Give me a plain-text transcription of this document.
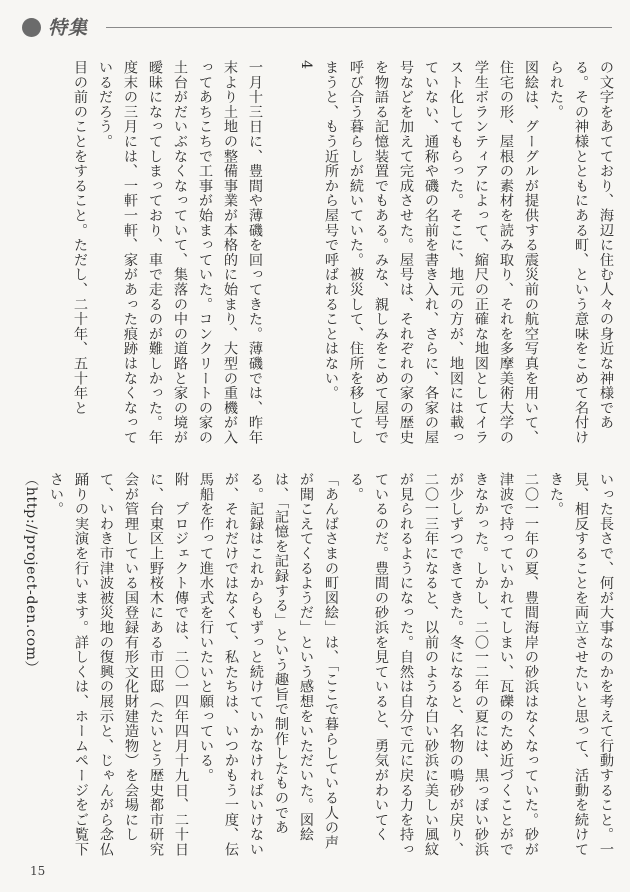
特集

の文字をあてており、海辺に住む人々の身近な神様である。その神様とともにある町、という意味をこめて名付けられた。

図絵は、グーグルが提供する震災前の航空写真を用いて、住宅の形、屋根の素材を読み取り、それを多摩美術大学の学生ボランティアによって、縮尺の正確な地図としてイラスト化してもらった。そこに、地元の方が、地図には載っていない、通称や磯の名前を書き入れ、さらに、各家の屋号などを加えて完成させた。屋号は、それぞれの家の歴史を物語る記憶装置でもある。みな、親しみをこめて屋号で呼び合う暮らしが続いていた。被災して、住所を移してしまうと、もう近所から屋号で呼ばれることはない。

4

一月十三日に、豊間や薄磯を回ってきた。薄磯では、昨年末より土地の整備事業が本格的に始まり、大型の重機が入ってあちこちで工事が始まっていた。コンクリートの家の土台がだいぶなくなっていて、集落の中の道路と家の境が曖昧になってしまっており、車で走るのが難しかった。年度末の三月には、一軒一軒、家があった痕跡はなくなっているだろう。

目の前のことをすること。ただし、二十年、五十年と

いった長さで、何が大事なのかを考えて行動すること。一見、相反することを両立させたいと思って、活動を続けてきた。

二〇一一年の夏、豊間海岸の砂浜はなくなっていた。砂が津波で持っていかれてしまい、瓦礫のため近づくことができなかった。しかし、二〇一二年の夏には、黒っぽい砂浜が少しずつできてきた。冬になると、名物の鳴砂が戻り、二〇一三年になると、以前のような白い砂浜に美しい風紋が見られるようになった。自然は自分で元に戻る力を持っているのだ。豊間の砂浜を見ていると、勇気がわいてくる。

「あんばさまの町図絵」は、「ここで暮らしている人の声が聞こえてくるようだ」という感想をいただいた。図絵は、「記憶を記録する」という趣旨で制作したものである。記録はこれからもずっと続けていかなければいけないが、それだけではなくて、私たちは、いつかもう一度、伝馬船を作って進水式を行いたいと願っている。

附　プロジェクト傳では、二〇一四年四月十九日、二十日に、台東区上野桜木にある市田邸（たいとう歴史都市研究会が管理している国登録有形文化財建造物）を会場にして、いわき市津波被災地の復興の展示と、じゃんがら念仏踊りの実演を行います。詳しくは、ホームページをご覧下さい。

（http://project-den.com）

15
